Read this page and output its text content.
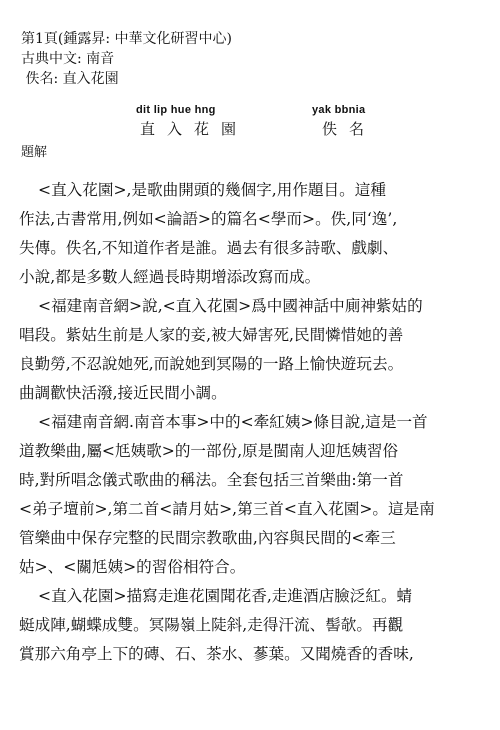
第1頁(鍾露昇: 中華文化研習中心)
古典中文: 南音
佚名: 直入花園
dit lip hue hng	yak bbnia
直入花園	佚名
題解
<直入花園>,是歌曲開頭的幾個字,用作題目。這種
作法,古書常用,例如<論語>的篇名<學而>。佚,同‘逸’,
失傳。佚名,不知道作者是誰。過去有很多詩歌、戲劇、
小說,都是多數人經過長時期增添改寫而成。
<福建南音網>說,<直入花園>爲中國神話中廁神紫姑的
唱段。紫姑生前是人家的妾,被大婦害死,民間憐惜她的善
良勤勞,不忍說她死,而說她到冥陽的一路上愉快遊玩去。
曲調歡快活潑,接近民間小調。
<福建南音網.南音本事>中的<牽紅姨>條目說,這是一首
道教樂曲,屬<尪姨歌>的一部份,原是閩南人迎尪姨習俗
時,對所唱念儀式歌曲的稱法。全套包括三首樂曲:第一首
<弟子壇前>,第二首<請月姑>,第三首<直入花園>。這是南
管樂曲中保存完整的民間宗教歌曲,內容與民間的<牽三
姑>、<關尪姨>的習俗相符合。
<直入花園>描寫走進花園聞花香,走進酒店臉泛紅。蜻
蜓成陣,蝴蝶成雙。冥陽嶺上陡斜,走得汗流、髻欹。再觀
賞那六角亭上下的磚、石、茶水、蔘葉。又聞燒香的香味,
